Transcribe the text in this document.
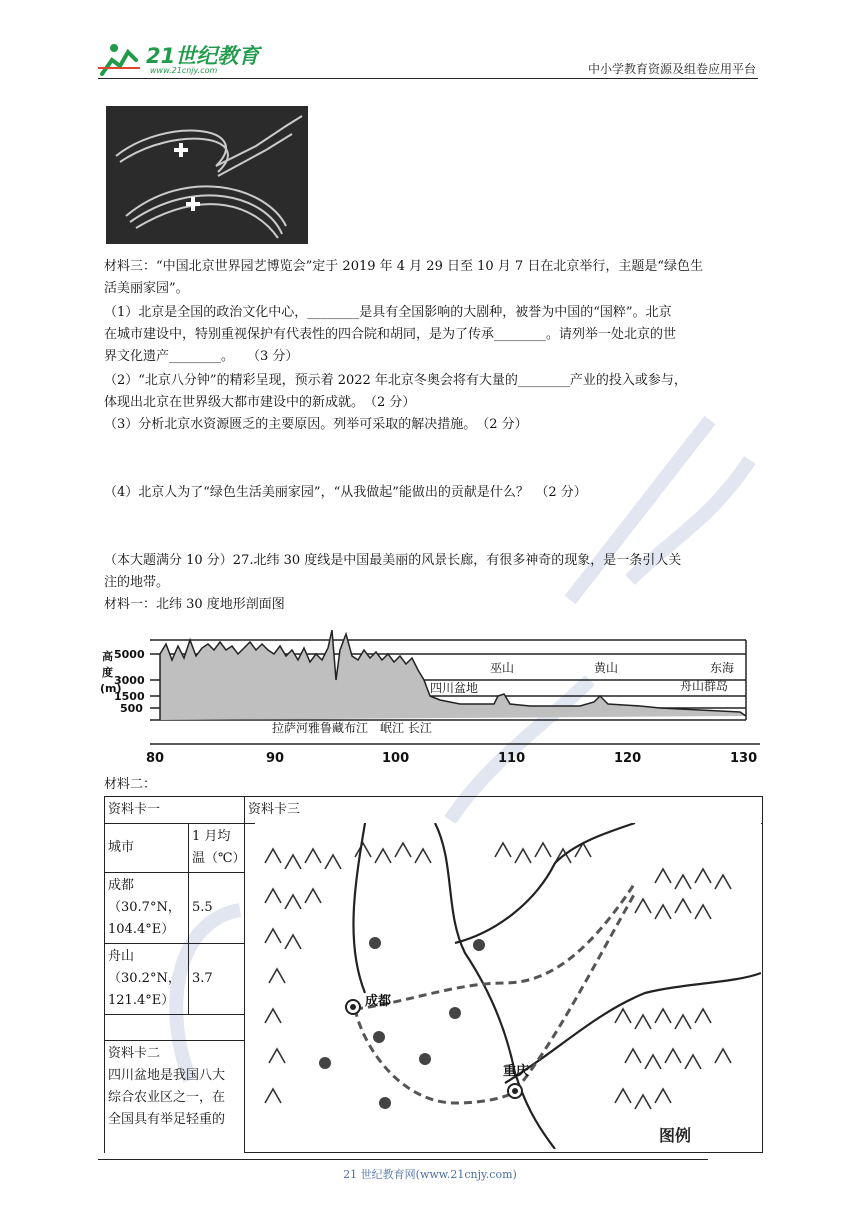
21世纪教育
www.21cnjy.com	中小学教育资源及组卷应用平台
材料三：“中国北京世界园艺博览会”定于 2019 年 4 月 29 日至 10 月 7 日在北京举行，主题是“绿色生
活美丽家园”。
（1）北京是全国的政治文化中心，________是具有全国影响的大剧种，被誉为中国的“国粹”。北京
在城市建设中，特别重视保护有代表性的四合院和胡同，是为了传承________。请列举一处北京的世
界文化遗产________。　　（3 分）
（2）“北京八分钟”的精彩呈现，预示着 2022 年北京冬奥会将有大量的________产业的投入或参与，
体现出北京在世界级大都市建设中的新成就。　（2 分）
（3）分析北京水资源匮乏的主要原因。列举可采取的解决措施。　（2 分）
（4）北京人为了“绿色生活美丽家园”，“从我做起”能做出的贡献是什么？　（2 分）
（本大题满分 10 分）27.北纬 30 度线是中国最美丽的风景长廊，有很多神奇的现象，是一条引人关
注的地带。
材料一：北纬 30 度地形剖面图
材料二：
高
度
(m)
5000
3000
1500
500
四川盆地
巫山	黄山	东海
舟山群岛
拉萨河雅鲁藏布江　岷江 长江
80	90	100	110	120	130
资料卡一		资料卡三
城市	1 月均
温（℃）	

成都
（30.7°N，
104.4°E）	5.5	

舟山
（30.2°N，
121.4°E）	3.7	

资料卡二
四川盆地是我国八大
综合农业区之一，在
全国具有举足轻重的		
成都
重庆
图例
21 世纪教育网(www.21cnjy.com)
